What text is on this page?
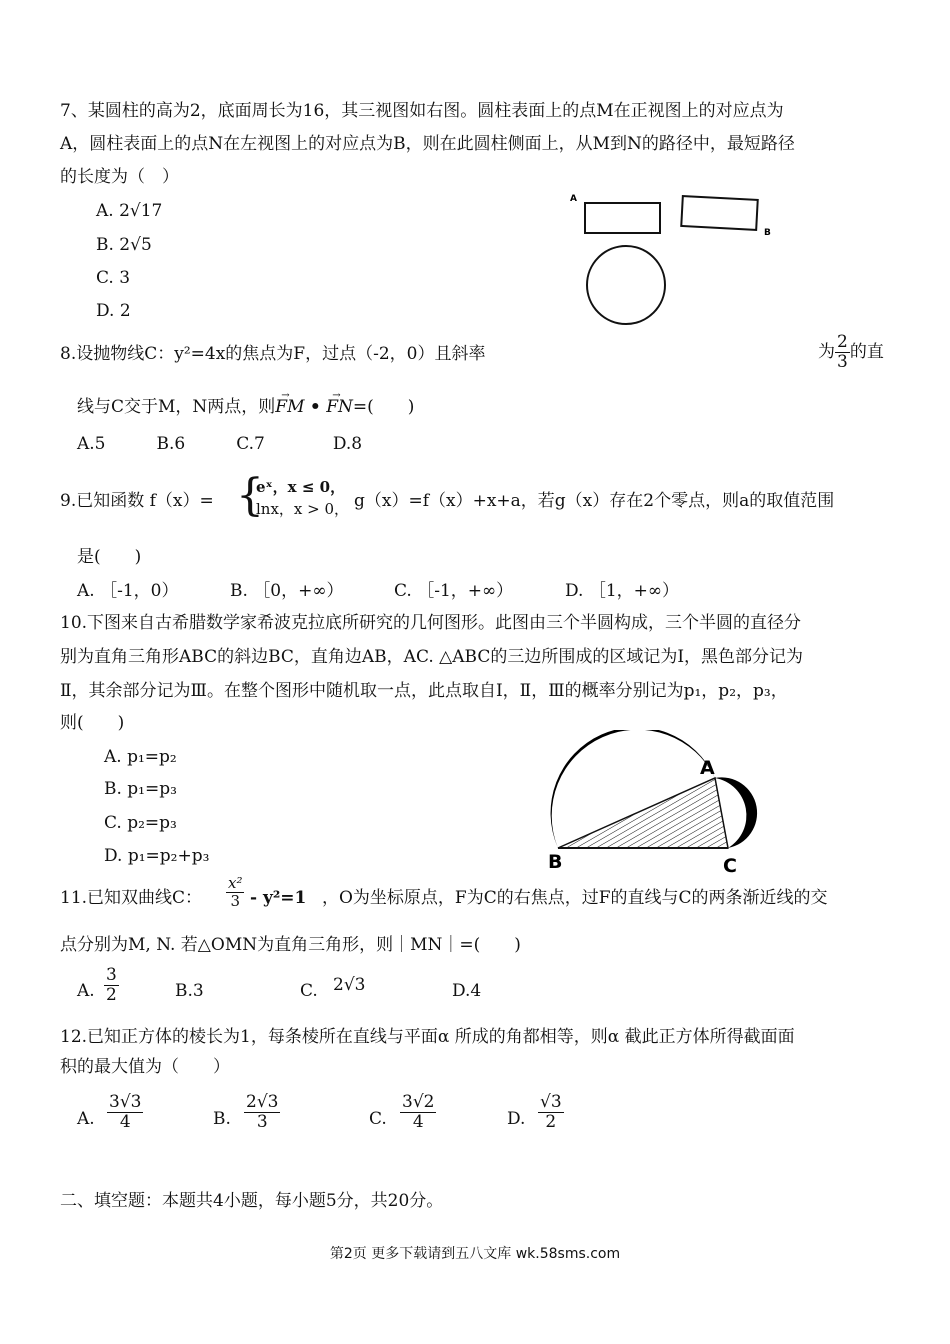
7、某圆柱的高为2，底面周长为16，其三视图如右图。圆柱表面上的点M在正视图上的对应点为
A，圆柱表面上的点N在左视图上的对应点为B，则在此圆柱侧面上，从M到N的路径中，最短路径
的长度为（　）
A. 2√17
B. 2√5
C. 3
D. 2
A
B
8.设抛物线C：y²=4x的焦点为F，过点（-2，0）且斜率	为 $\frac{2}{3}$ 的直
线与C交于M，N两点，则→ FM • → FN=(　　)
A.5　　　B.6　　　C.7　　　　D.8
9.已知函数 f（x）= {
eˣ，x ≤ 0，
lnx，x > 0， g（x）=f（x）+x+a，若g（x）存在2个零点，则a的取值范围
是(　　)
A. ［-1，0）	B. ［0，+∞）	C. ［-1，+∞）	D. ［1，+∞）
10.下图来自古希腊数学家希波克拉底所研究的几何图形。此图由三个半圆构成，三个半圆的直径分
别为直角三角形ABC的斜边BC，直角边AB，AC. △ABC的三边所围成的区域记为Ⅰ，黑色部分记为
Ⅱ，其余部分记为Ⅲ。在整个图形中随机取一点，此点取自Ⅰ，Ⅱ，Ⅲ的概率分别记为p₁，p₂，p₃，
则(　　)
A. p₁=p₂
B. p₁=p₃
C. p₂=p₃
D. p₁=p₂+p₃
A
B	C
11.已知双曲线C： $\frac{\text{x²}}{3} - y^2=1$ ，O为坐标原点，F为C的右焦点，过F的直线与C的两条渐近线的交
点分别为M, N. 若△OMN为直角三角形，则｜MN｜=(　　)
A. $\frac{3}{2}$	B.3	C. 2√3	D.4
12.已知正方体的棱长为1，每条棱所在直线与平面α 所成的角都相等，则α 截此正方体所得截面面
积的最大值为（　　）
A. $\frac{3√3}{4}$	B. $\frac{2√3}{3}$	C. $\frac{3√2}{4}$	D. $\frac{√3}{2}$
二、填空题：本题共4小题，每小题5分，共20分。
第2页 更多下载请到五八文库 wk.58sms.com
